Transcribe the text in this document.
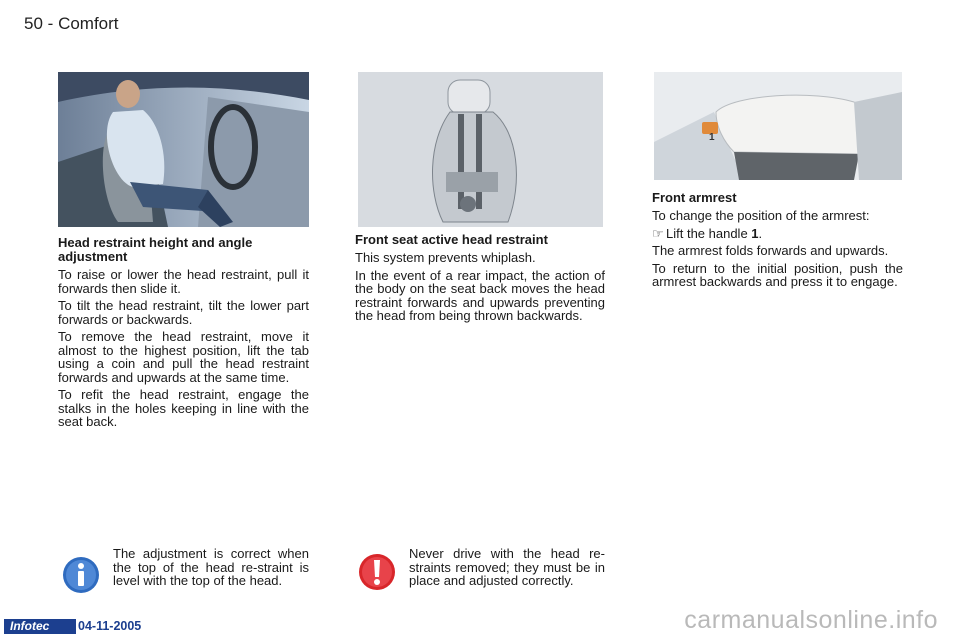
50 - Comfort
1
Head restraint height and angle adjustment

To raise or lower the head restraint, pull it forwards then slide it.

To tilt the head restraint, tilt the lower part forwards or backwards.

To remove the head restraint, move it almost to the highest position, lift the tab using a coin and pull the head restraint forwards and upwards at the same time.

To refit the head restraint, engage the stalks in the holes keeping in line with the seat back.

Front seat active head restraint

This system prevents whiplash.

In the event of a rear impact, the action of the body on the seat back moves the head restraint forwards and upwards preventing the head from being thrown backwards.

Front armrest

To change the position of the armrest:

☞ Lift the handle 1.

The armrest folds forwards and upwards.

To return to the initial position, push the armrest backwards and press it to engage.

The adjustment is correct when the top of the head re-straint is level with the top of the head.
Never drive with the head re-straints removed; they must be in place and adjusted correctly.
Infotec	04-11-2005	carmanualsonline.info
